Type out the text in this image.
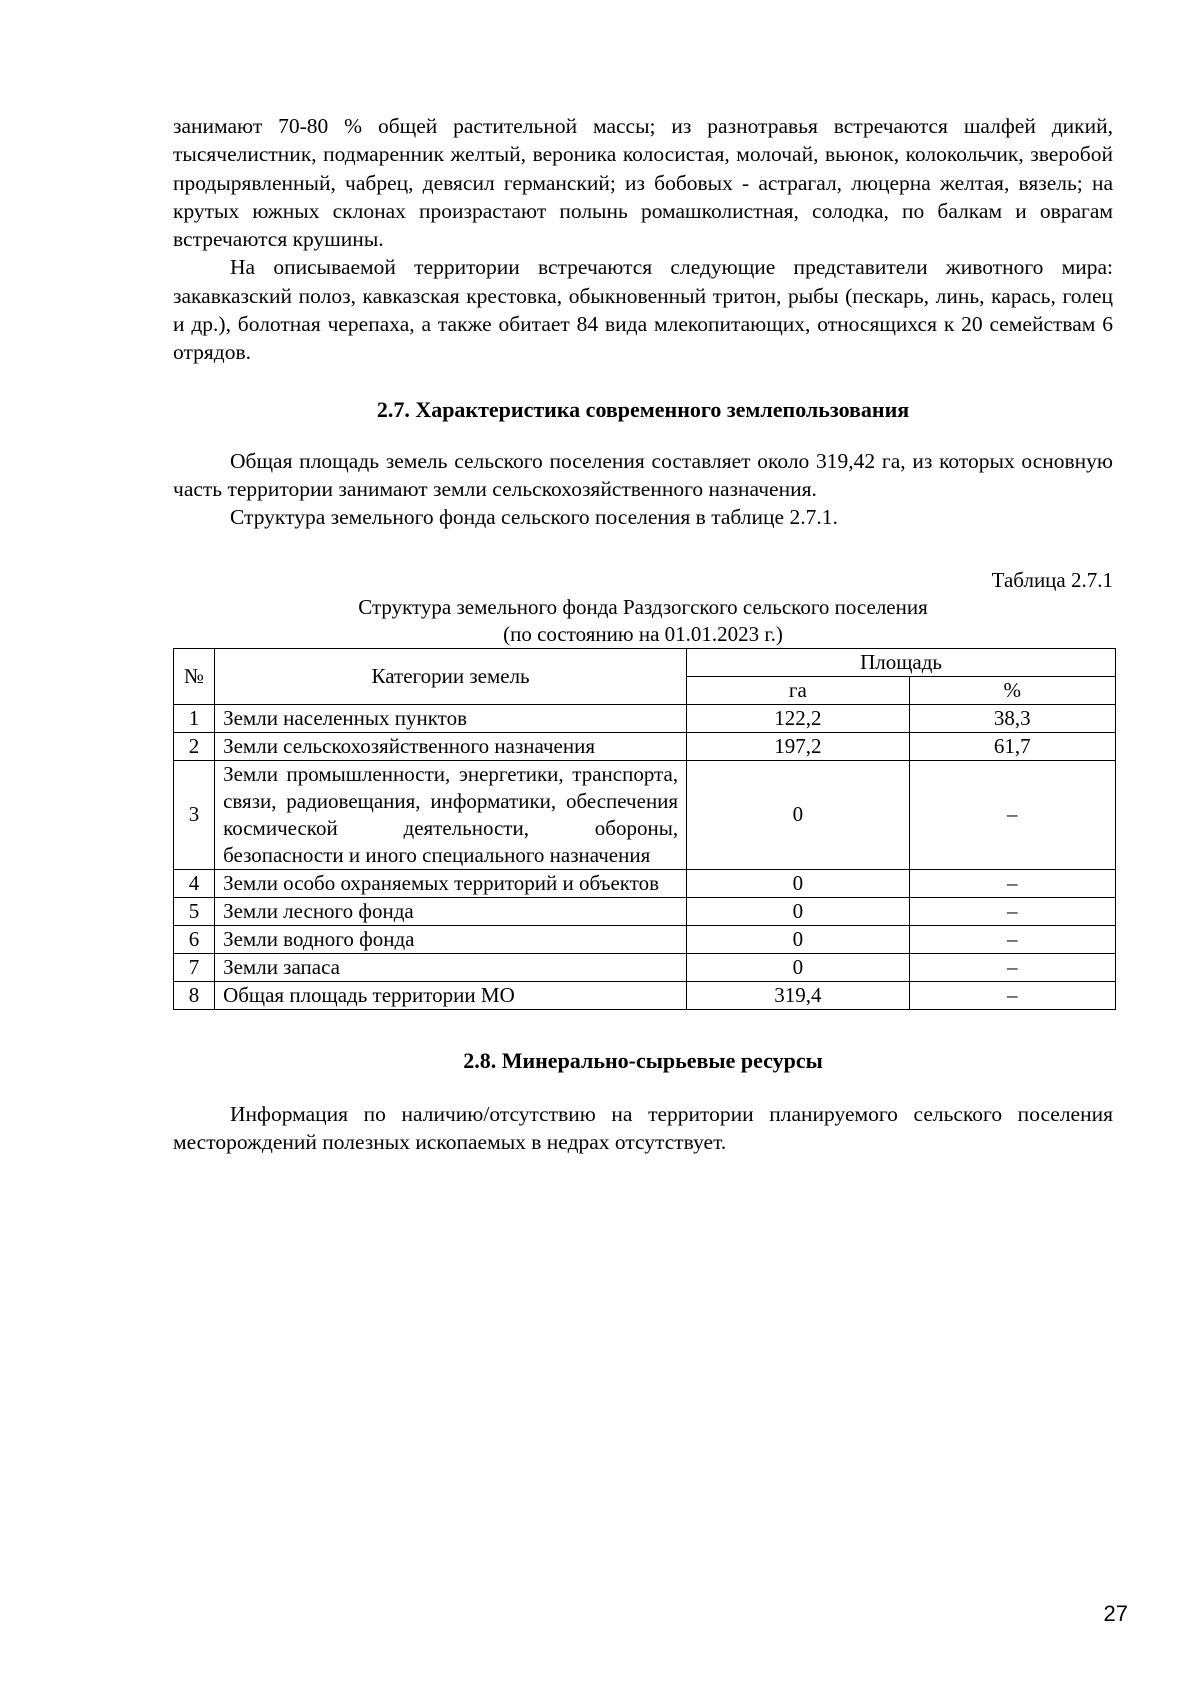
занимают 70-80 % общей растительной массы; из разнотравья встречаются шалфей дикий, тысячелистник, подмаренник желтый, вероника колосистая, молочай, вьюнок, колокольчик, зверобой продырявленный, чабрец, девясил германский; из бобовых - астрагал, люцерна желтая, вязель; на крутых южных склонах произрастают полынь ромашколистная, солодка, по балкам и оврагам встречаются крушины.

На описываемой территории встречаются следующие представители животного мира: закавказский полоз, кавказская крестовка, обыкновенный тритон, рыбы (пескарь, линь, карась, голец и др.), болотная черепаха, а также обитает 84 вида млекопитающих, относящихся к 20 семействам 6 отрядов.

2.7. Характеристика современного землепользования

Общая площадь земель сельского поселения составляет около 319,42 га, из которых основную часть территории занимают земли сельскохозяйственного назначения.

Структура земельного фонда сельского поселения в таблице 2.7.1.

Таблица 2.7.1

Структура земельного фонда Раздзогского сельского поселения

(по состоянию на 01.01.2023 г.)

№	Категории земель	Площадь	
		га	%
1	Земли населенных пунктов	122,2	38,3
2	Земли сельскохозяйственного назначения	197,2	61,7
3	Земли промышленности, энергетики, транспорта, связи, радиовещания, информатики, обеспечения космической деятельности, обороны, безопасности и иного специального назначения	0	–
4	Земли особо охраняемых территорий и объектов	0	–
5	Земли лесного фонда	0	–
6	Земли водного фонда	0	–
7	Земли запаса	0	–
8	Общая площадь территории МО	319,4	–
2.8. Минерально-сырьевые ресурсы

Информация по наличию/отсутствию на территории планируемого сельского поселения месторождений полезных ископаемых в недрах отсутствует.

27
